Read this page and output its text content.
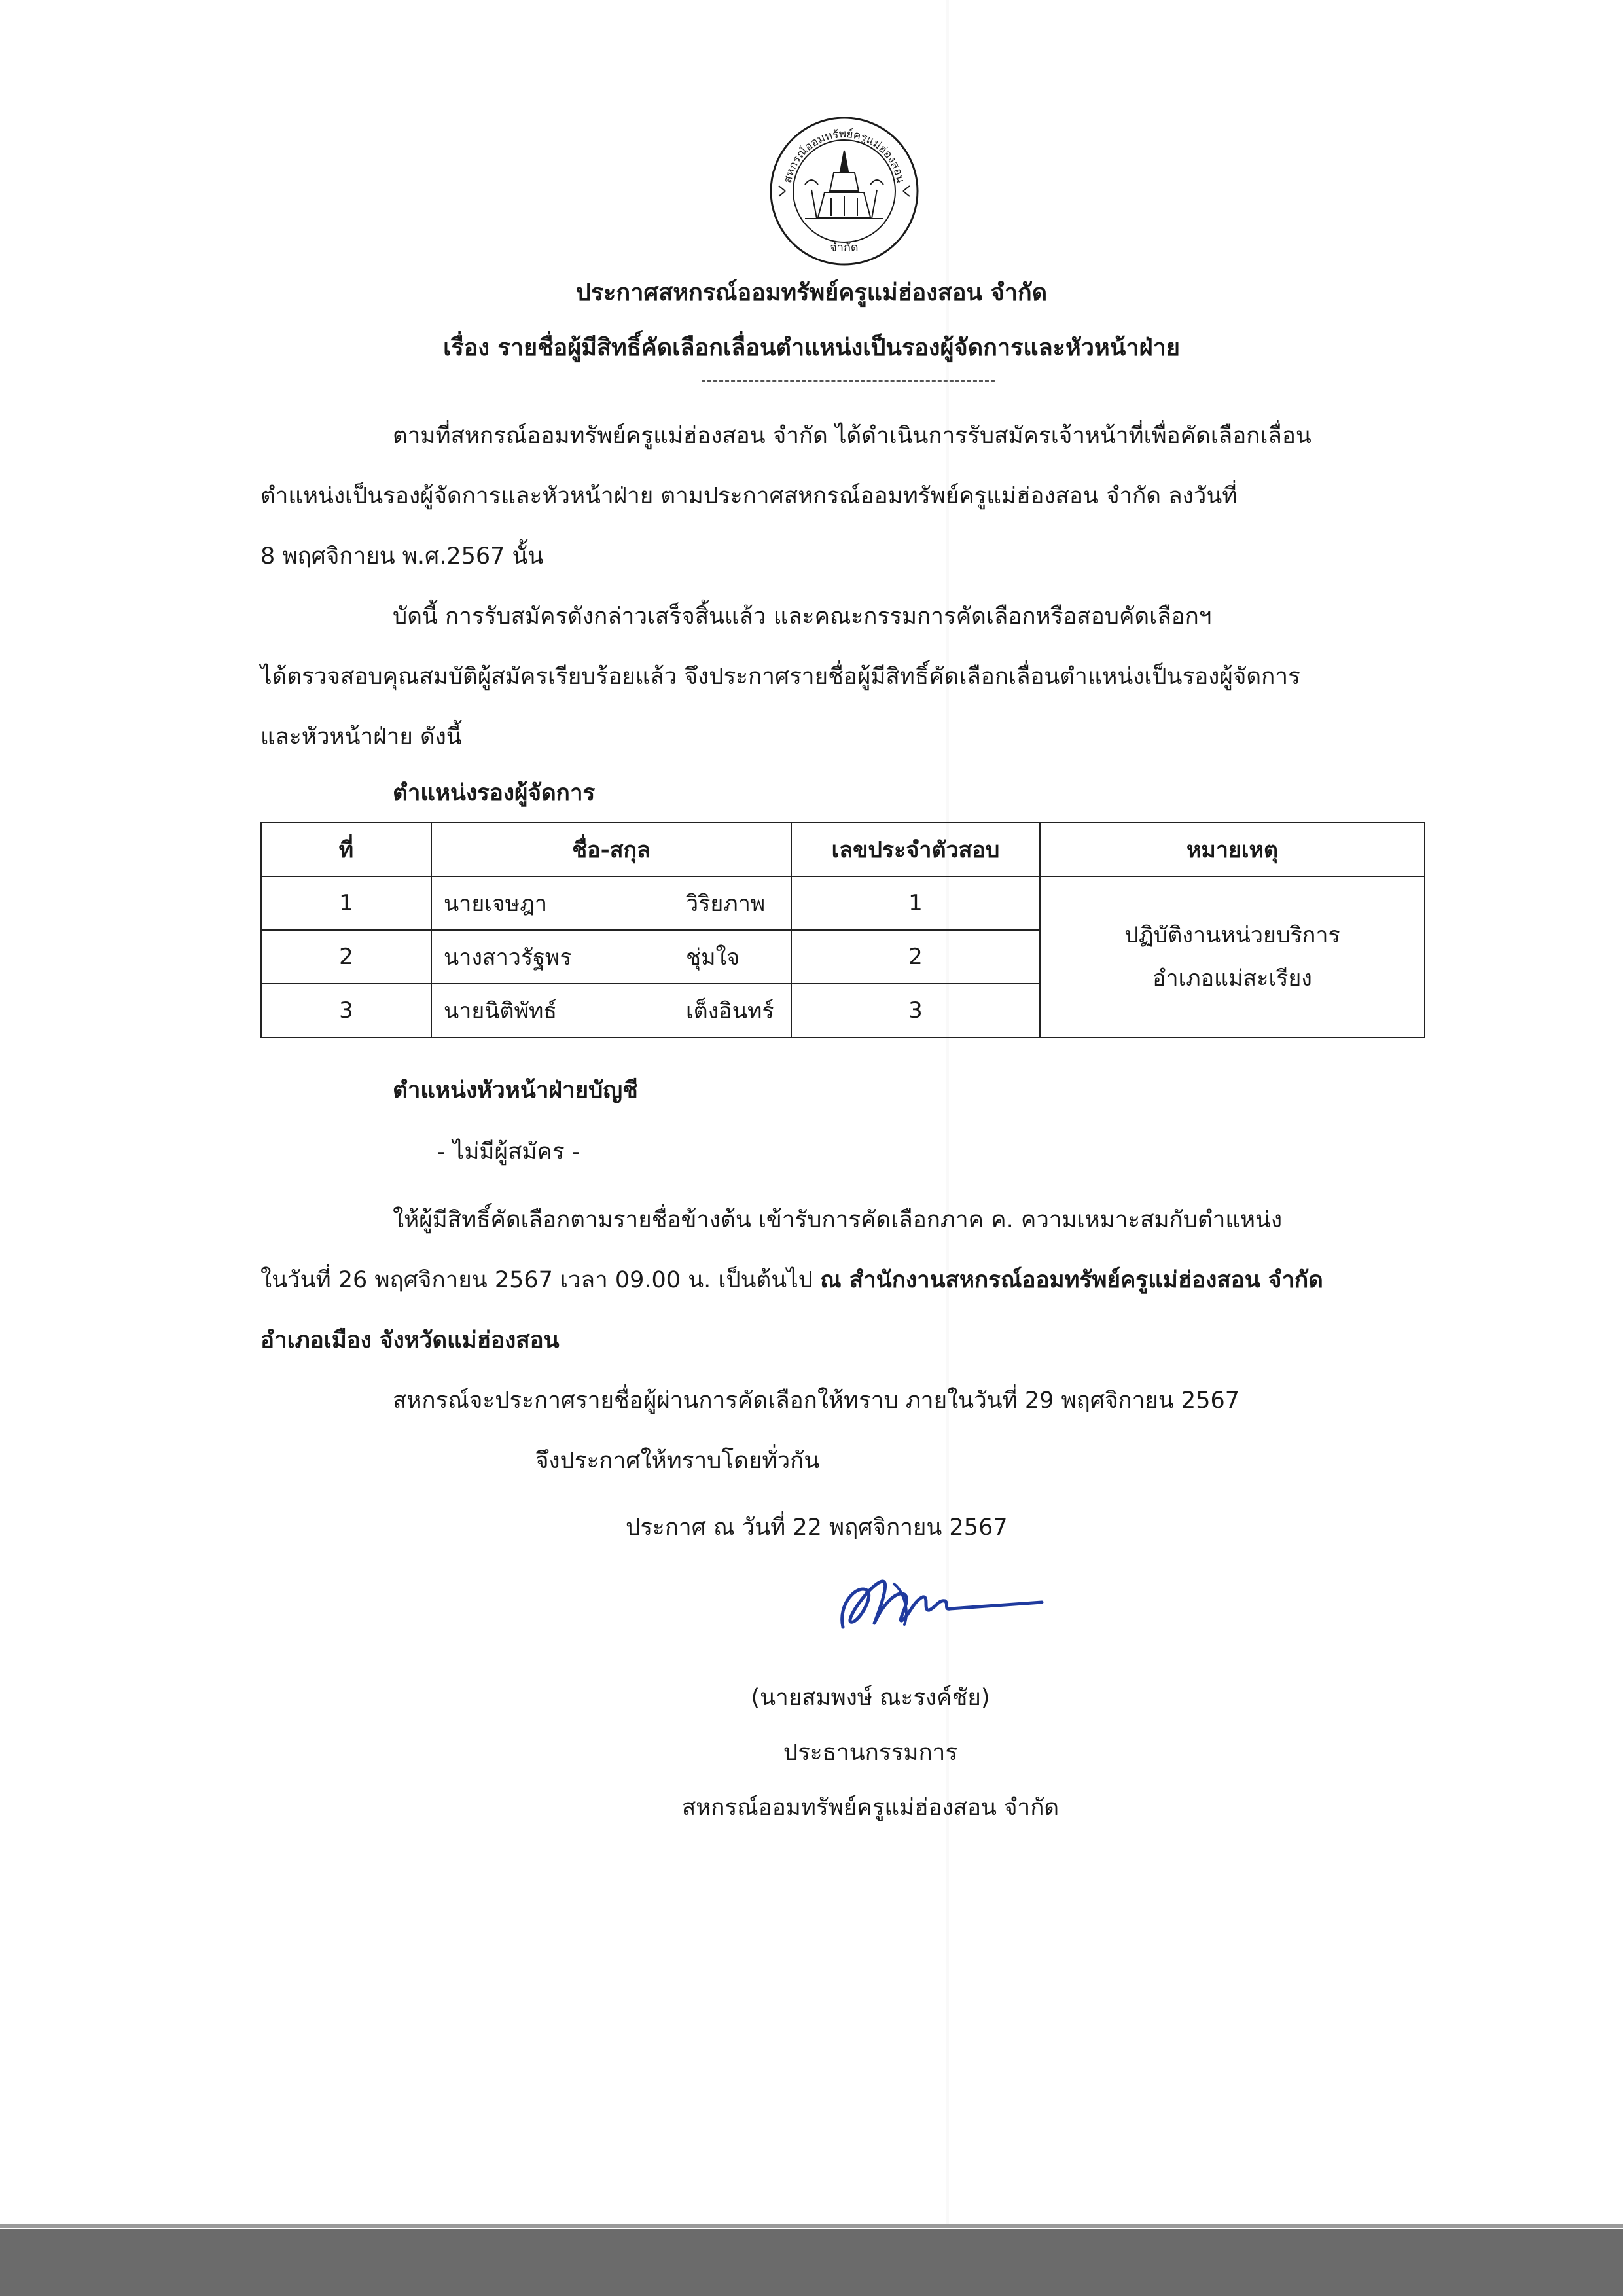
สหกรณ์ออมทรัพย์ครูแม่ฮ่องสอน
จำกัด
ประกาศสหกรณ์ออมทรัพย์ครูแม่ฮ่องสอน จำกัด
เรื่อง รายชื่อผู้มีสิทธิ์คัดเลือกเลื่อนตำแหน่งเป็นรองผู้จัดการและหัวหน้าฝ่าย
ตามที่สหกรณ์ออมทรัพย์ครูแม่ฮ่องสอน จำกัด ได้ดำเนินการรับสมัครเจ้าหน้าที่เพื่อคัดเลือกเลื่อน
ตำแหน่งเป็นรองผู้จัดการและหัวหน้าฝ่าย ตามประกาศสหกรณ์ออมทรัพย์ครูแม่ฮ่องสอน จำกัด ลงวันที่
8 พฤศจิกายน พ.ศ.2567 นั้น
บัดนี้ การรับสมัครดังกล่าวเสร็จสิ้นแล้ว และคณะกรรมการคัดเลือกหรือสอบคัดเลือกฯ
ได้ตรวจสอบคุณสมบัติผู้สมัครเรียบร้อยแล้ว จึงประกาศรายชื่อผู้มีสิทธิ์คัดเลือกเลื่อนตำแหน่งเป็นรองผู้จัดการ
และหัวหน้าฝ่าย ดังนี้
ตำแหน่งรองผู้จัดการ
ที่	ชื่อ-สกุล	เลขประจำตัวสอบ	หมายเหตุ
1	นายเจษฎา วิริยภาพ	1	ปฏิบัติงานหน่วยบริการ
อำเภอแม่สะเรียง

2	นางสาวรัฐพร ชุ่มใจ	2	
3	นายนิติพัทธ์ เต็งอินทร์	3	
ตำแหน่งหัวหน้าฝ่ายบัญชี
- ไม่มีผู้สมัคร -
ให้ผู้มีสิทธิ์คัดเลือกตามรายชื่อข้างต้น เข้ารับการคัดเลือกภาค ค. ความเหมาะสมกับตำแหน่ง
ในวันที่ 26 พฤศจิกายน 2567 เวลา 09.00 น. เป็นต้นไป ณ สำนักงานสหกรณ์ออมทรัพย์ครูแม่ฮ่องสอน จำกัด
อำเภอเมือง จังหวัดแม่ฮ่องสอน
สหกรณ์จะประกาศรายชื่อผู้ผ่านการคัดเลือกให้ทราบ ภายในวันที่ 29 พฤศจิกายน 2567
จึงประกาศให้ทราบโดยทั่วกัน
ประกาศ ณ วันที่ 22 พฤศจิกายน 2567
(นายสมพงษ์ ณะรงค์ชัย)
ประธานกรรมการ
สหกรณ์ออมทรัพย์ครูแม่ฮ่องสอน จำกัด
